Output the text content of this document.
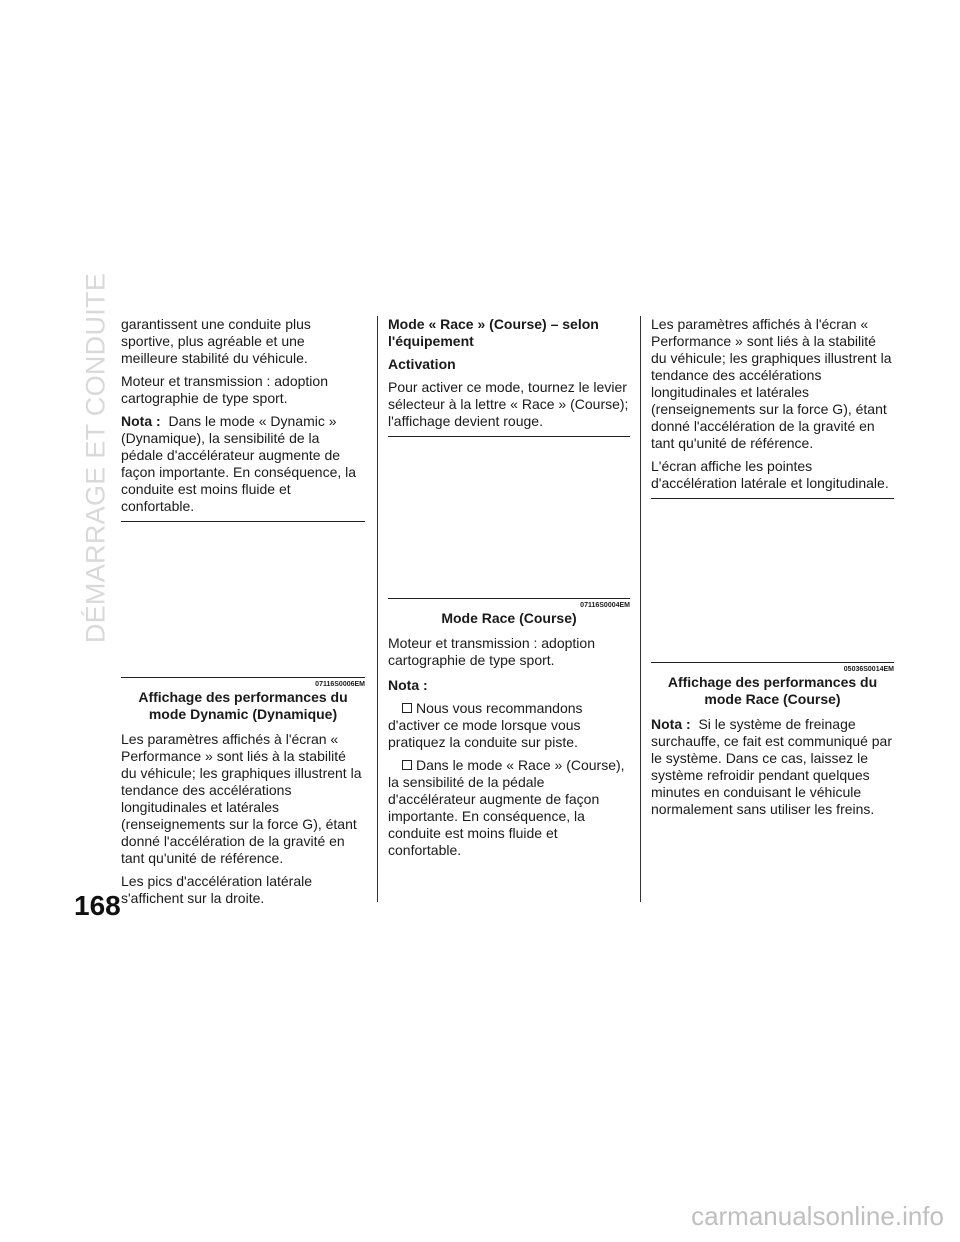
DÉMARRAGE ET CONDUITE
168

garantissent une conduite plus sportive, plus agréable et une meilleure stabilité du véhicule.

Moteur et transmission : adoption cartographie de type sport.

Nota : Dans le mode « Dynamic » (Dynamique), la sensibilité de la pédale d'accélérateur augmente de façon importante. En conséquence, la conduite est moins fluide et confortable.

07116S0006EM
Affichage des performances du mode Dynamic (Dynamique)

Les paramètres affichés à l'écran « Performance » sont liés à la stabilité du véhicule; les graphiques illustrent la tendance des accélérations longitudinales et latérales (renseignements sur la force G), étant donné l'accélération de la gravité en tant qu'unité de référence.

Les pics d'accélération latérale s'affichent sur la droite.

Mode « Race » (Course) – selon l'équipement
Activation

Pour activer ce mode, tournez le levier sélecteur à la lettre « Race » (Course); l'affichage devient rouge.

07116S0004EM
Mode Race (Course)

Moteur et transmission : adoption cartographie de type sport.

Nota :

Nous vous recommandons d'activer ce mode lorsque vous pratiquez la conduite sur piste.

Dans le mode « Race » (Course), la sensibilité de la pédale d'accélérateur augmente de façon importante. En conséquence, la conduite est moins fluide et confortable.

Les paramètres affichés à l'écran « Performance » sont liés à la stabilité du véhicule; les graphiques illustrent la tendance des accélérations longitudinales et latérales (renseignements sur la force G), étant donné l'accélération de la gravité en tant qu'unité de référence.

L'écran affiche les pointes d'accélération latérale et longitudinale.

05036S0014EM
Affichage des performances du mode Race (Course)

Nota : Si le système de freinage surchauffe, ce fait est communiqué par le système. Dans ce cas, laissez le système refroidir pendant quelques minutes en conduisant le véhicule normalement sans utiliser les freins.

carmanualsonline.info
